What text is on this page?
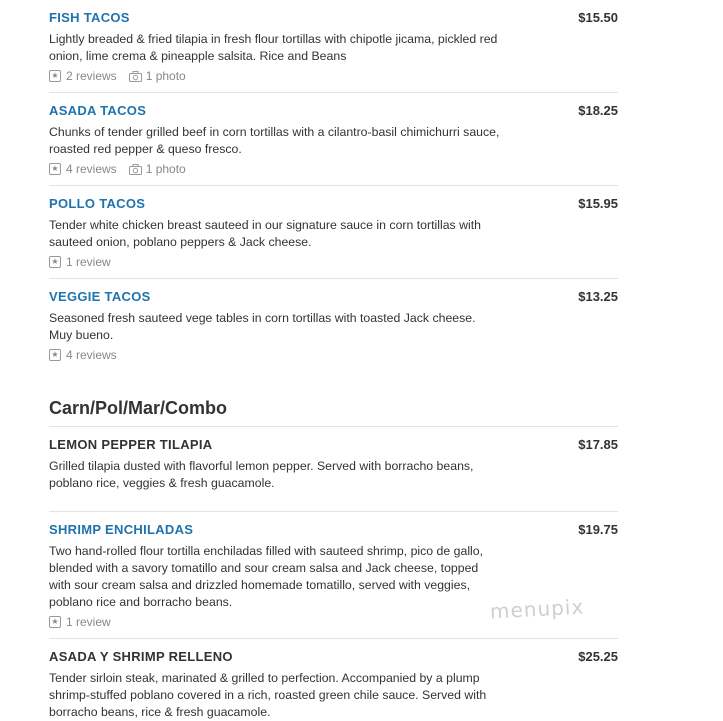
FISH TACOS	$15.50
Lightly breaded & fried tilapia in fresh flour tortillas with chipotle jicama, pickled red onion, lime crema & pineapple salsita. Rice and Beans
★ 2 reviews 1 photo
ASADA TACOS	$18.25
Chunks of tender grilled beef in corn tortillas with a cilantro-basil chimichurri sauce, roasted red pepper & queso fresco.
★ 4 reviews 1 photo
POLLO TACOS	$15.95
Tender white chicken breast sauteed in our signature sauce in corn tortillas with sauteed onion, poblano peppers & Jack cheese.
★ 1 review
VEGGIE TACOS	$13.25
Seasoned fresh sauteed vege tables in corn tortillas with toasted Jack cheese. Muy bueno.
★ 4 reviews
Carn/Pol/Mar/Combo
LEMON PEPPER TILAPIA	$17.85
Grilled tilapia dusted with flavorful lemon pepper. Served with borracho beans, poblano rice, veggies & fresh guacamole.
SHRIMP ENCHILADAS	$19.75
Two hand-rolled flour tortilla enchiladas filled with sauteed shrimp, pico de gallo, blended with a savory tomatillo and sour cream salsa and Jack cheese, topped with sour cream salsa and drizzled homemade tomatillo, served with veggies, poblano rice and borracho beans.
★ 1 review
ASADA Y SHRIMP RELLENO	$25.25
Tender sirloin steak, marinated & grilled to perfection. Accompanied by a plump shrimp-stuffed poblano covered in a rich, roasted green chile sauce. Served with borracho beans, rice & fresh guacamole.
menupix
